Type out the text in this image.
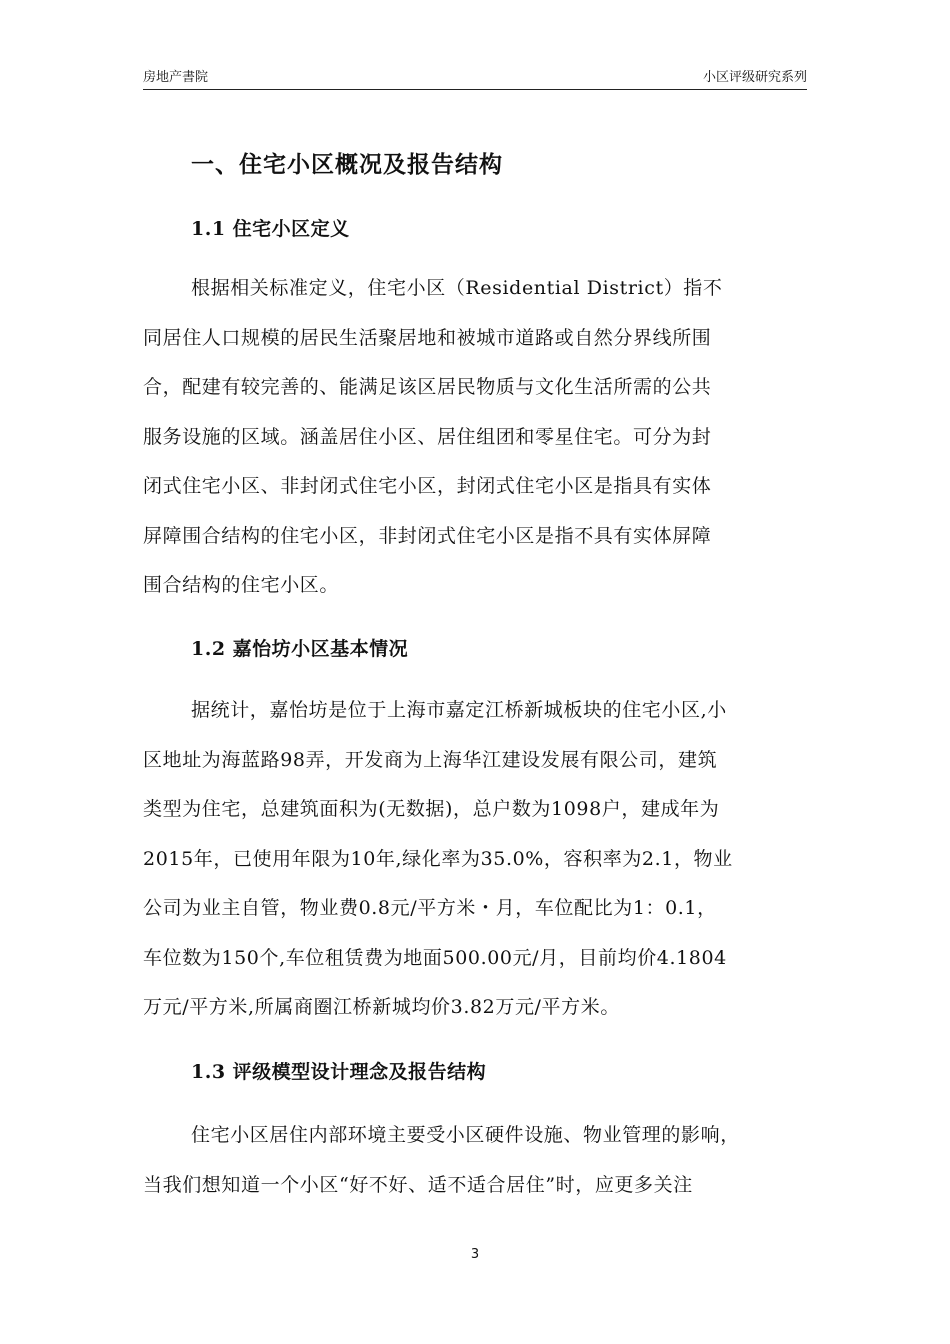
房地产書院	小区评级研究系列
一、住宅小区概况及报告结构
1.1 住宅小区定义
根据相关标准定义，住宅小区（Residential District）指不
同居住人口规模的居民生活聚居地和被城市道路或自然分界线所围
合，配建有较完善的、能满足该区居民物质与文化生活所需的公共
服务设施的区域。涵盖居住小区、居住组团和零星住宅。可分为封
闭式住宅小区、非封闭式住宅小区，封闭式住宅小区是指具有实体
屏障围合结构的住宅小区，非封闭式住宅小区是指不具有实体屏障
围合结构的住宅小区。
1.2 嘉怡坊小区基本情况
据统计，嘉怡坊是位于上海市嘉定江桥新城板块的住宅小区,小
区地址为海蓝路98弄，开发商为上海华江建设发展有限公司，建筑
类型为住宅，总建筑面积为(无数据)，总户数为1098户，建成年为
2015年，已使用年限为10年,绿化率为35.0%，容积率为2.1，物业
公司为业主自管，物业费0.8元/平方米・月，车位配比为1：0.1，
车位数为150个,车位租赁费为地面500.00元/月，目前均价4.1804
万元/平方米,所属商圈江桥新城均价3.82万元/平方米。
1.3 评级模型设计理念及报告结构
住宅小区居住内部环境主要受小区硬件设施、物业管理的影响，
当我们想知道一个小区“好不好、适不适合居住”时，应更多关注
3
